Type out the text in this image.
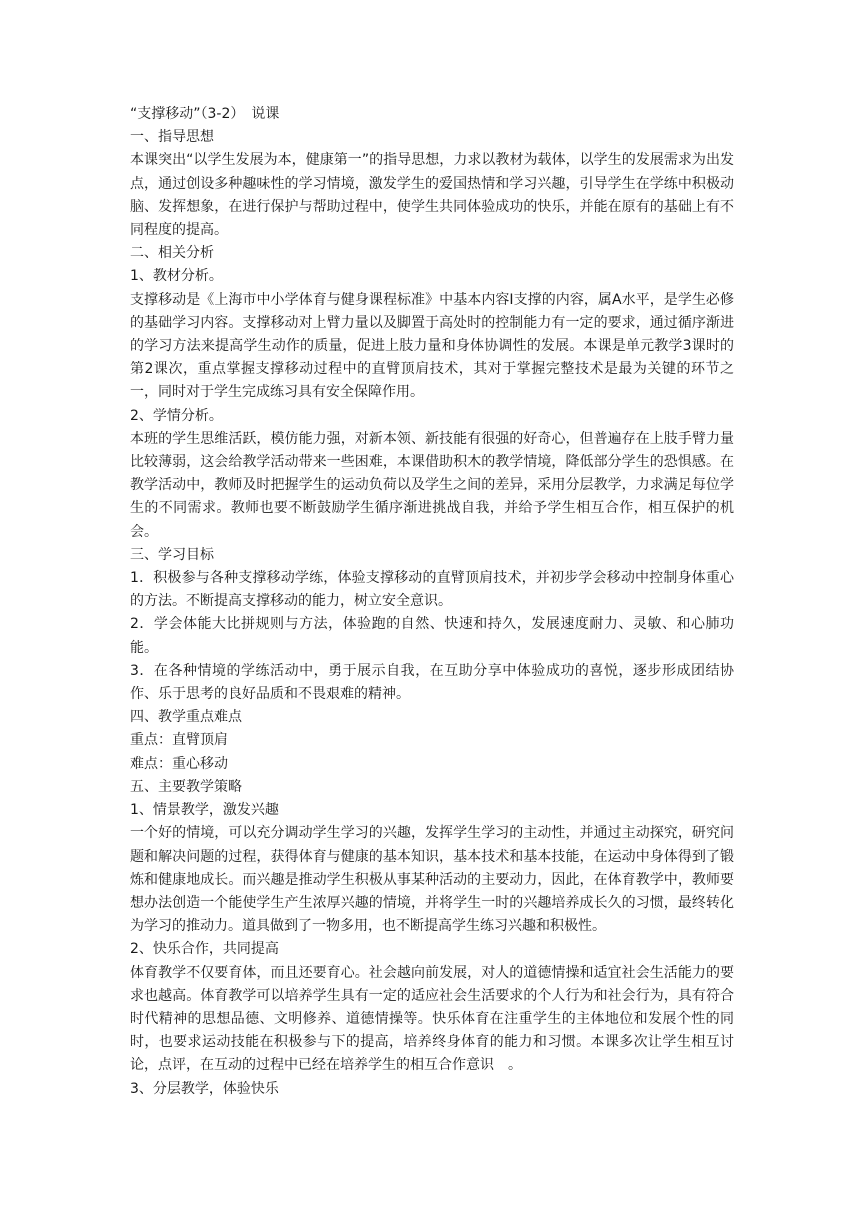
“支撑移动”（3-2）　说课

一、指导思想

本课突出“以学生发展为本，健康第一”的指导思想，力求以教材为载体，以学生的发展需求为出发点，通过创设多种趣味性的学习情境，激发学生的爱国热情和学习兴趣，引导学生在学练中积极动脑、发挥想象，在进行保护与帮助过程中，使学生共同体验成功的快乐，并能在原有的基础上有不同程度的提高。

二、相关分析

1、教材分析。

支撑移动是《上海市中小学体育与健身课程标准》中基本内容Ⅰ支撑的内容，属A水平，是学生必修的基础学习内容。支撑移动对上臂力量以及脚置于高处时的控制能力有一定的要求，通过循序渐进的学习方法来提高学生动作的质量，促进上肢力量和身体协调性的发展。本课是单元教学3课时的第2课次，重点掌握支撑移动过程中的直臂顶肩技术，其对于掌握完整技术是最为关键的环节之一，同时对于学生完成练习具有安全保障作用。

2、学情分析。

本班的学生思维活跃，模仿能力强，对新本领、新技能有很强的好奇心，但普遍存在上肢手臂力量比较薄弱，这会给教学活动带来一些困难，本课借助积木的教学情境，降低部分学生的恐惧感。在教学活动中，教师及时把握学生的运动负荷以及学生之间的差异，采用分层教学，力求满足每位学生的不同需求。教师也要不断鼓励学生循序渐进挑战自我，并给予学生相互合作，相互保护的机会。

三、学习目标

1．积极参与各种支撑移动学练，体验支撑移动的直臂顶肩技术，并初步学会移动中控制身体重心的方法。不断提高支撑移动的能力，树立安全意识。

2．学会体能大比拼规则与方法，体验跑的自然、快速和持久，发展速度耐力、灵敏、和心肺功能。

3．在各种情境的学练活动中，勇于展示自我，在互助分享中体验成功的喜悦，逐步形成团结协作、乐于思考的良好品质和不畏艰难的精神。

四、教学重点难点

重点：直臂顶肩

难点：重心移动

五、主要教学策略

1、情景教学，激发兴趣

一个好的情境，可以充分调动学生学习的兴趣，发挥学生学习的主动性，并通过主动探究，研究问题和解决问题的过程，获得体育与健康的基本知识，基本技术和基本技能，在运动中身体得到了锻炼和健康地成长。而兴趣是推动学生积极从事某种活动的主要动力，因此，在体育教学中，教师要想办法创造一个能使学生产生浓厚兴趣的情境，并将学生一时的兴趣培养成长久的习惯，最终转化为学习的推动力。道具做到了一物多用，也不断提高学生练习兴趣和积极性。

2、快乐合作，共同提高

体育教学不仅要育体，而且还要育心。社会越向前发展，对人的道德情操和适宜社会生活能力的要求也越高。体育教学可以培养学生具有一定的适应社会生活要求的个人行为和社会行为，具有符合时代精神的思想品德、文明修养、道德情操等。快乐体育在注重学生的主体地位和发展个性的同时，也要求运动技能在积极参与下的提高，培养终身体育的能力和习惯。本课多次让学生相互讨论，点评，在互动的过程中已经在培养学生的相互合作意识　。

3、分层教学，体验快乐
